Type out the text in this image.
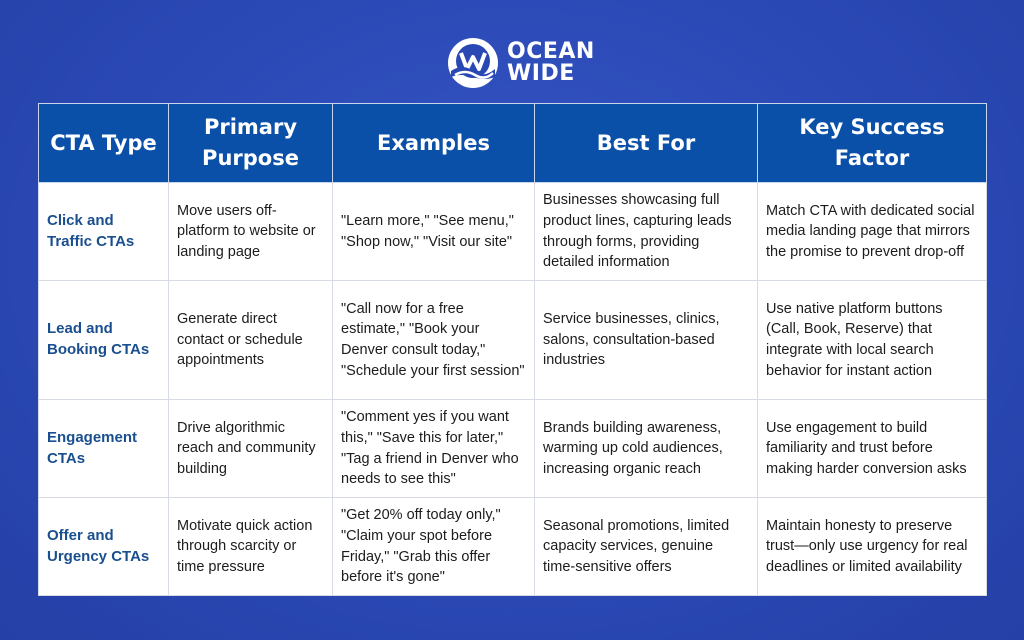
OCEAN
WIDE
CTA Type	Primary Purpose	Examples	Best For	Key Success Factor
Click and Traffic CTAs	Move users off-platform to website or landing page	"Learn more," "See menu," "Shop now," "Visit our site"	Businesses showcasing full product lines, capturing leads through forms, providing detailed information	Match CTA with dedicated social media landing page that mirrors the promise to prevent drop-off
Lead and Booking CTAs	Generate direct contact or schedule appointments	"Call now for a free estimate," "Book your Denver consult today," "Schedule your first session"	Service businesses, clinics, salons, consultation-based industries	Use native platform buttons (Call, Book, Reserve) that integrate with local search behavior for instant action
Engagement CTAs	Drive algorithmic reach and community building	"Comment yes if you want this," "Save this for later," "Tag a friend in Denver who needs to see this"	Brands building awareness, warming up cold audiences, increasing organic reach	Use engagement to build familiarity and trust before making harder conversion asks
Offer and Urgency CTAs	Motivate quick action through scarcity or time pressure	"Get 20% off today only," "Claim your spot before Friday," "Grab this offer before it's gone"	Seasonal promotions, limited capacity services, genuine time-sensitive offers	Maintain honesty to preserve trust—only use urgency for real deadlines or limited availability
